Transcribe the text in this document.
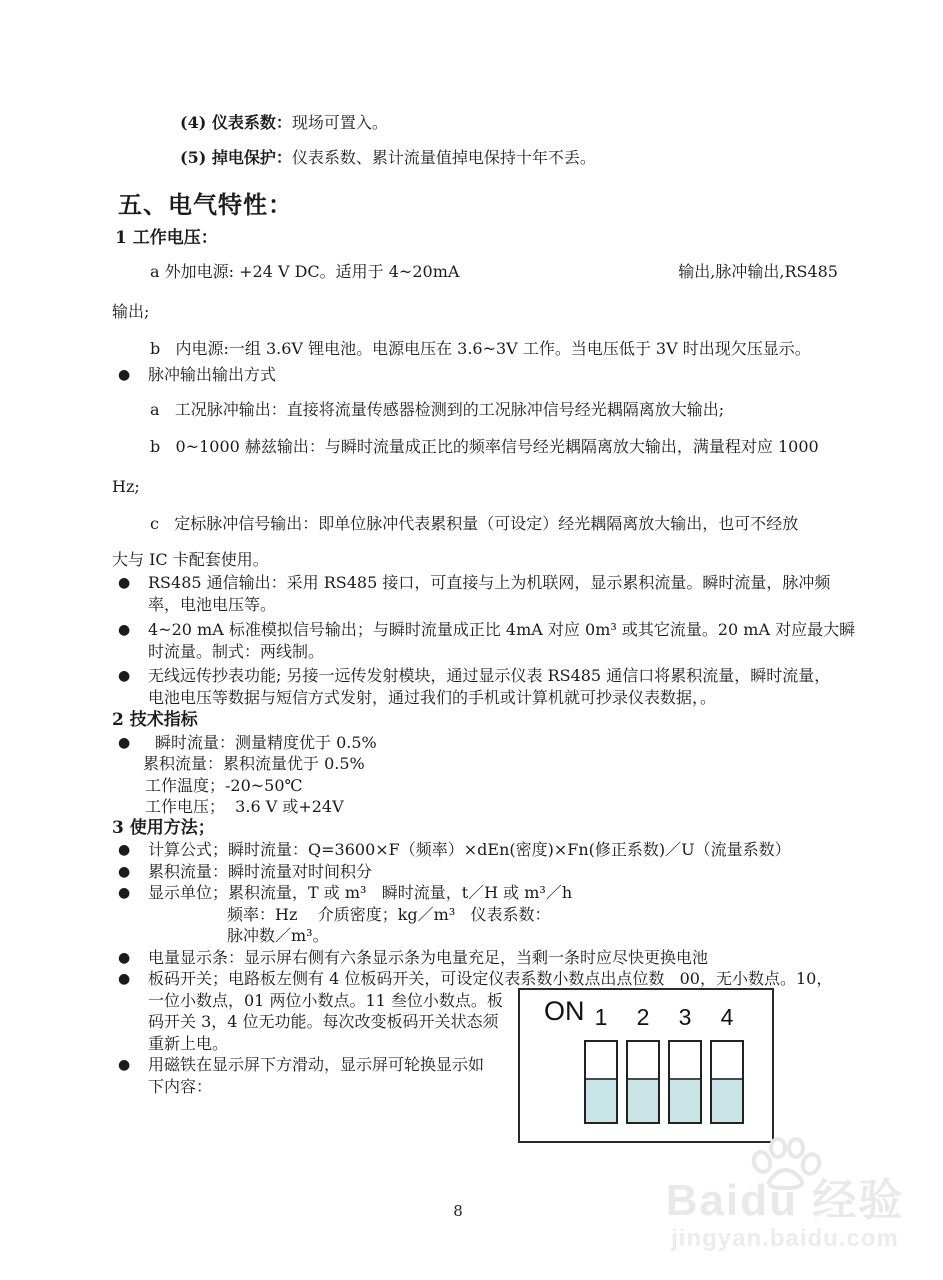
(4) 仪表系数：现场可置入。
(5) 掉电保护：仪表系数、累计流量值掉电保持十年不丢。
五、电气特性：
1 工作电压：
a 外加电源: +24 V DC。适用于 4~20mA	输出,脉冲输出,RS485
输出;
b   内电源:一组 3.6V 锂电池。电源电压在 3.6~3V 工作。当电压低于 3V 时出现欠压显示。
● 脉冲输出输出方式
a   工况脉冲输出：直接将流量传感器检测到的工况脉冲信号经光耦隔离放大输出;
b   0~1000 赫兹输出：与瞬时流量成正比的频率信号经光耦隔离放大输出，满量程对应 1000
Hz;
c   定标脉冲信号输出：即单位脉冲代表累积量（可设定）经光耦隔离放大输出，也可不经放
大与 IC 卡配套使用。
● RS485 通信输出：采用 RS485 接口，可直接与上为机联网，显示累积流量。瞬时流量，脉冲频
率，电池电压等。
● 4~20 mA 标准模拟信号输出；与瞬时流量成正比 4mA 对应 0m³ 或其它流量。20 mA 对应最大瞬
时流量。制式：两线制。
● 无线远传抄表功能; 另接一远传发射模块，通过显示仪表 RS485 通信口将累积流量，瞬时流量，
电池电压等数据与短信方式发射，通过我们的手机或计算机就可抄录仪表数据，。
2 技术指标
● 瞬时流量：测量精度优于 0.5%
累积流量：累积流量优于 0.5%
工作温度；-20~50℃
工作电压；  3.6 V 或+24V
3 使用方法；
● 计算公式；瞬时流量：Q=3600×F（频率）×dEn(密度)×Fn(修正系数)／U（流量系数）
● 累积流量：瞬时流量对时间积分
● 显示单位；累积流量，T 或 m³   瞬时流量，t／H 或 m³／h
频率：Hz    介质密度；kg／m³   仪表系数：
脉冲数／m³。
● 电量显示条：显示屏右侧有六条显示条为电量充足，当剩一条时应尽快更换电池
● 板码开关；电路板左侧有 4 位板码开关，可设定仪表系数小数点出点位数   00，无小数点。10，
一位小数点，01 两位小数点。11 叁位小数点。板
码开关 3，4 位无功能。每次改变板码开关状态须
重新上电。
● 用磁铁在显示屏下方滑动，显示屏可轮换显示如
下内容：
ON 1 2 3 4
Baidu 经验
jingyan.baidu.com
8
